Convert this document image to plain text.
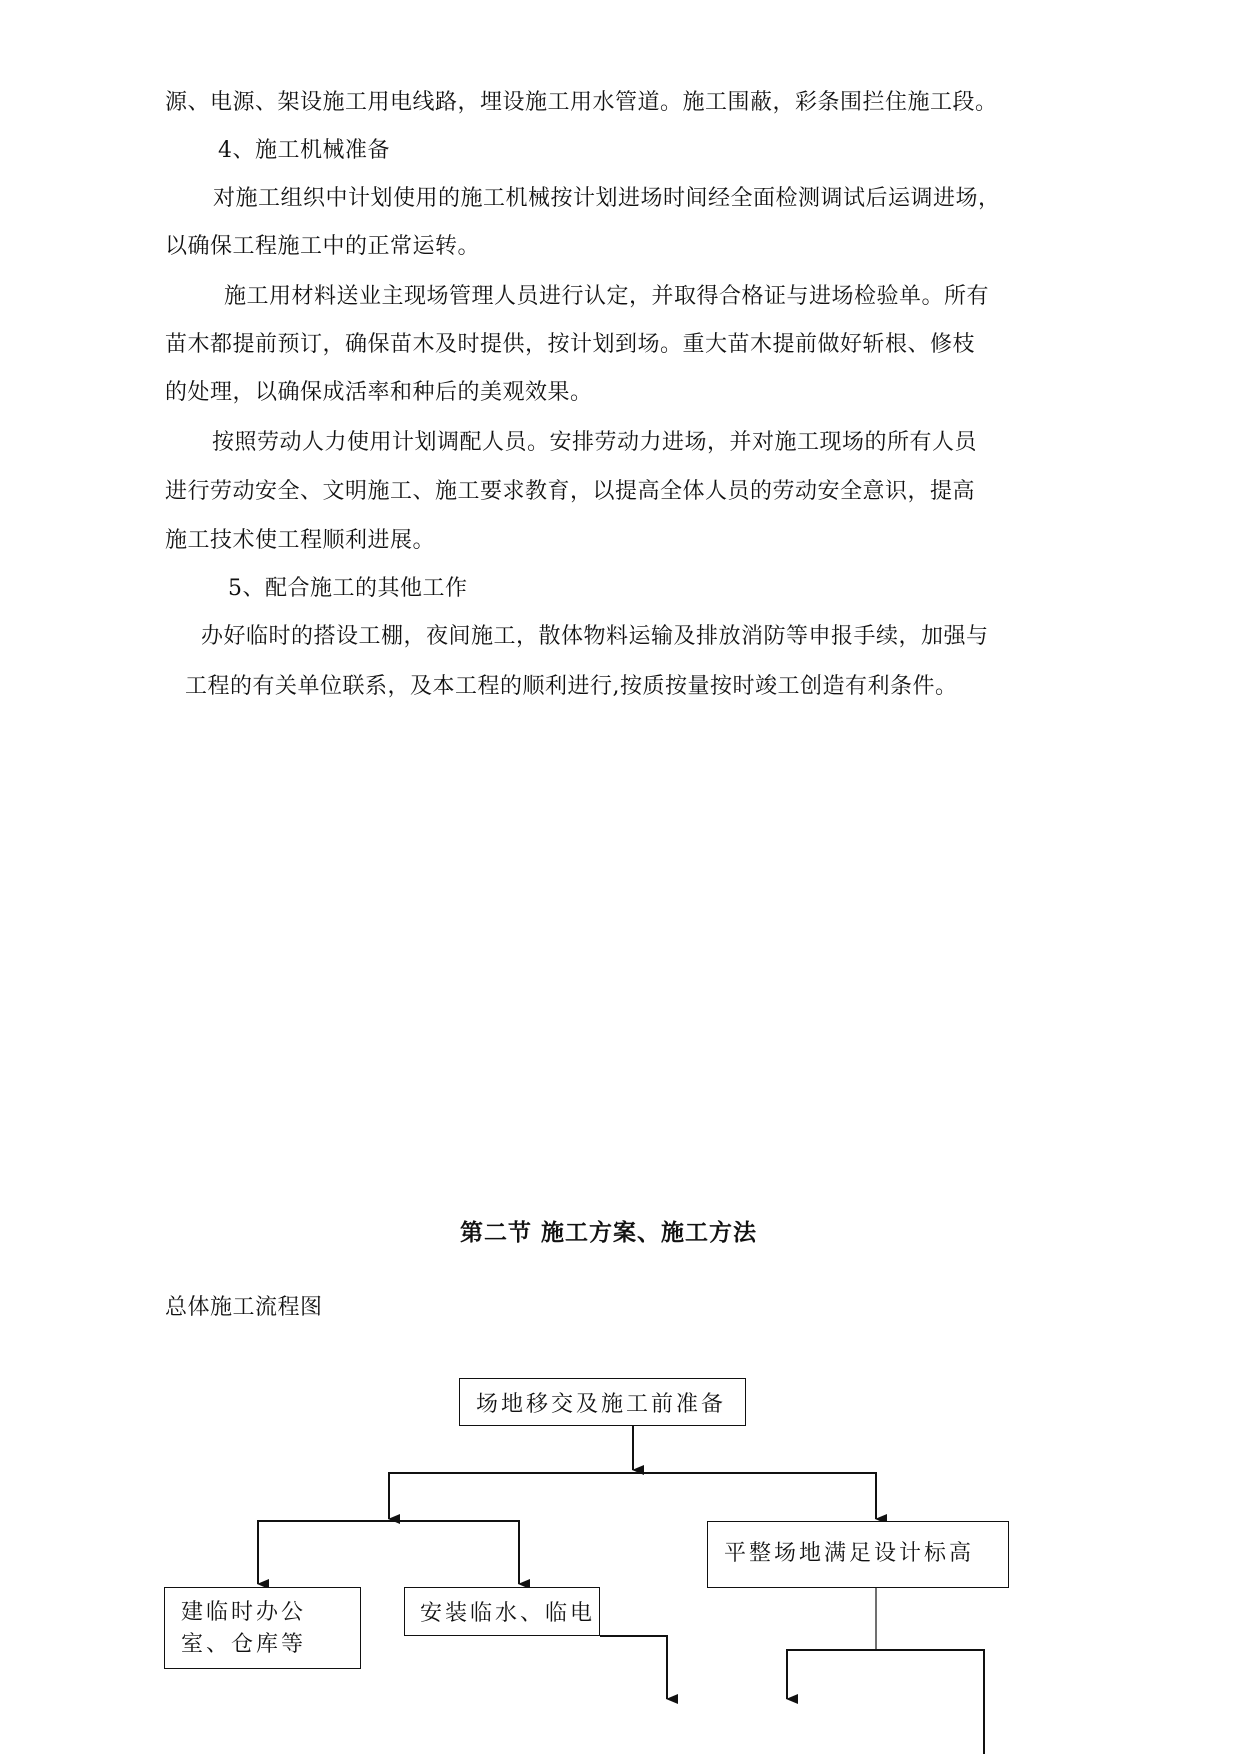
源、电源、架设施工用电线路，埋设施工用水管道。施工围蔽，彩条围拦住施工段。
4、施工机械准备
对施工组织中计划使用的施工机械按计划进场时间经全面检测调试后运调进场，
以确保工程施工中的正常运转。
施工用材料送业主现场管理人员进行认定，并取得合格证与进场检验单。所有
苗木都提前预订，确保苗木及时提供，按计划到场。重大苗木提前做好斩根、修枝
的处理，以确保成活率和种后的美观效果。
按照劳动人力使用计划调配人员。安排劳动力进场，并对施工现场的所有人员
进行劳动安全、文明施工、施工要求教育，以提高全体人员的劳动安全意识，提高
施工技术使工程顺利进展。
5、配合施工的其他工作
办好临时的搭设工棚，夜间施工，散体物料运输及排放消防等申报手续，加强与
工程的有关单位联系，及本工程的顺利进行,按质按量按时竣工创造有利条件。
第二节 施工方案、施工方法
总体施工流程图
场地移交及施工前准备
平整场地满足设计标高
建临时办公
室、仓库等
安装临水、临电
